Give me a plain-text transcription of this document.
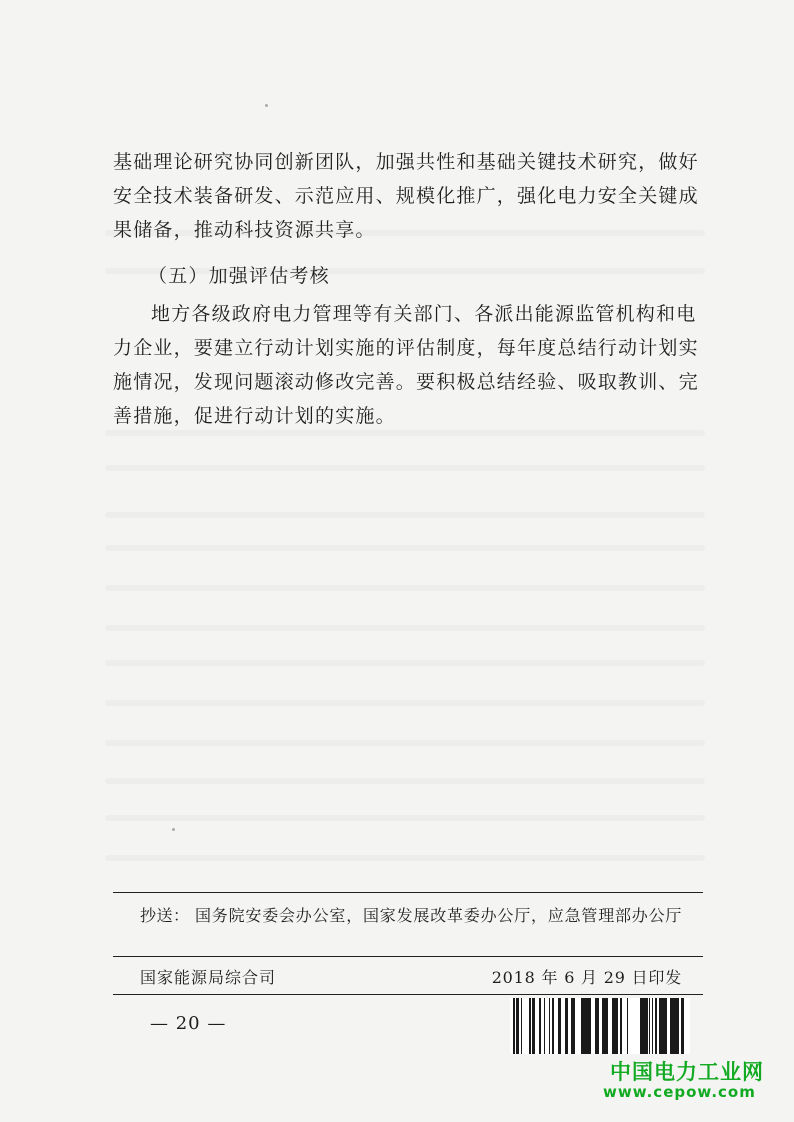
基础理论研究协同创新团队，加强共性和基础关键技术研究，做好安全技术装备研发、示范应用、规模化推广，强化电力安全关键成果储备，推动科技资源共享。

（五）加强评估考核

地方各级政府电力管理等有关部门、各派出能源监管机构和电力企业，要建立行动计划实施的评估制度，每年度总结行动计划实施情况，发现问题滚动修改完善。要积极总结经验、吸取教训、完善措施，促进行动计划的实施。

抄送： 国务院安委会办公室，国家发展改革委办公厅，应急管理部办公厅
国家能源局综合司	2018 年 6 月 29 日印发
— 20 —
中国电力工业网
www.cepow.com
